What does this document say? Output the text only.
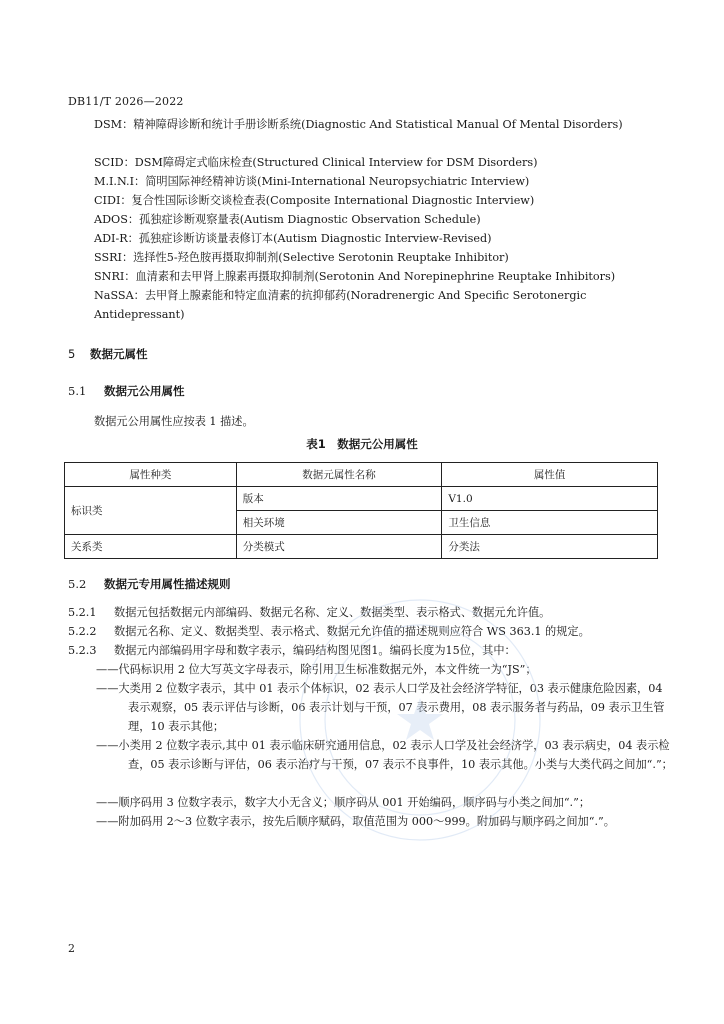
DB11/T 2026—2022
DSM：精神障碍诊断和统计手册诊断系统(Diagnostic And Statistical Manual Of Mental Disorders)
SCID：DSM障碍定式临床检查(Structured Clinical Interview for DSM Disorders)
M.I.N.I：简明国际神经精神访谈(Mini-International Neuropsychiatric Interview)
CIDI：复合性国际诊断交谈检查表(Composite International Diagnostic Interview)
ADOS：孤独症诊断观察量表(Autism Diagnostic Observation Schedule)
ADI-R：孤独症诊断访谈量表修订本(Autism Diagnostic Interview-Revised)
SSRI：选择性5-羟色胺再摄取抑制剂(Selective Serotonin Reuptake Inhibitor)
SNRI：血清素和去甲肾上腺素再摄取抑制剂(Serotonin And Norepinephrine Reuptake Inhibitors)
NaSSA：去甲肾上腺素能和特定血清素的抗抑郁药(Noradrenergic And Specific Serotonergic Antidepressant)
5 数据元属性
5.1 数据元公用属性
数据元公用属性应按表 1 描述。
表1　数据元公用属性
属性种类	数据元属性名称	属性值
标识类	版本	V1.0
	相关环境	卫生信息
关系类	分类模式	分类法
5.2 数据元专用属性描述规则
5.2.1 数据元包括数据元内部编码、数据元名称、定义、数据类型、表示格式、数据元允许值。
5.2.2 数据元名称、定义、数据类型、表示格式、数据元允许值的描述规则应符合 WS 363.1 的规定。
5.2.3 数据元内部编码用字母和数字表示，编码结构图见图1。编码长度为15位，其中：
——代码标识用 2 位大写英文字母表示，除引用卫生标准数据元外，本文件统一为“JS”；
——大类用 2 位数字表示，其中 01 表示个体标识，02 表示人口学及社会经济学特征，03 表示健康危险因素，04 表示观察，05 表示评估与诊断，06 表示计划与干预，07 表示费用，08 表示服务者与药品，09 表示卫生管理，10 表示其他；
——小类用 2 位数字表示,其中 01 表示临床研究通用信息，02 表示人口学及社会经济学，03 表示病史，04 表示检查，05 表示诊断与评估，06 表示治疗与干预，07 表示不良事件，10 表示其他。小类与大类代码之间加“.”；
——顺序码用 3 位数字表示，数字大小无含义；顺序码从 001 开始编码，顺序码与小类之间加“.”；
——附加码用 2～3 位数字表示，按先后顺序赋码，取值范围为 000～999。附加码与顺序码之间加“.”。
2
